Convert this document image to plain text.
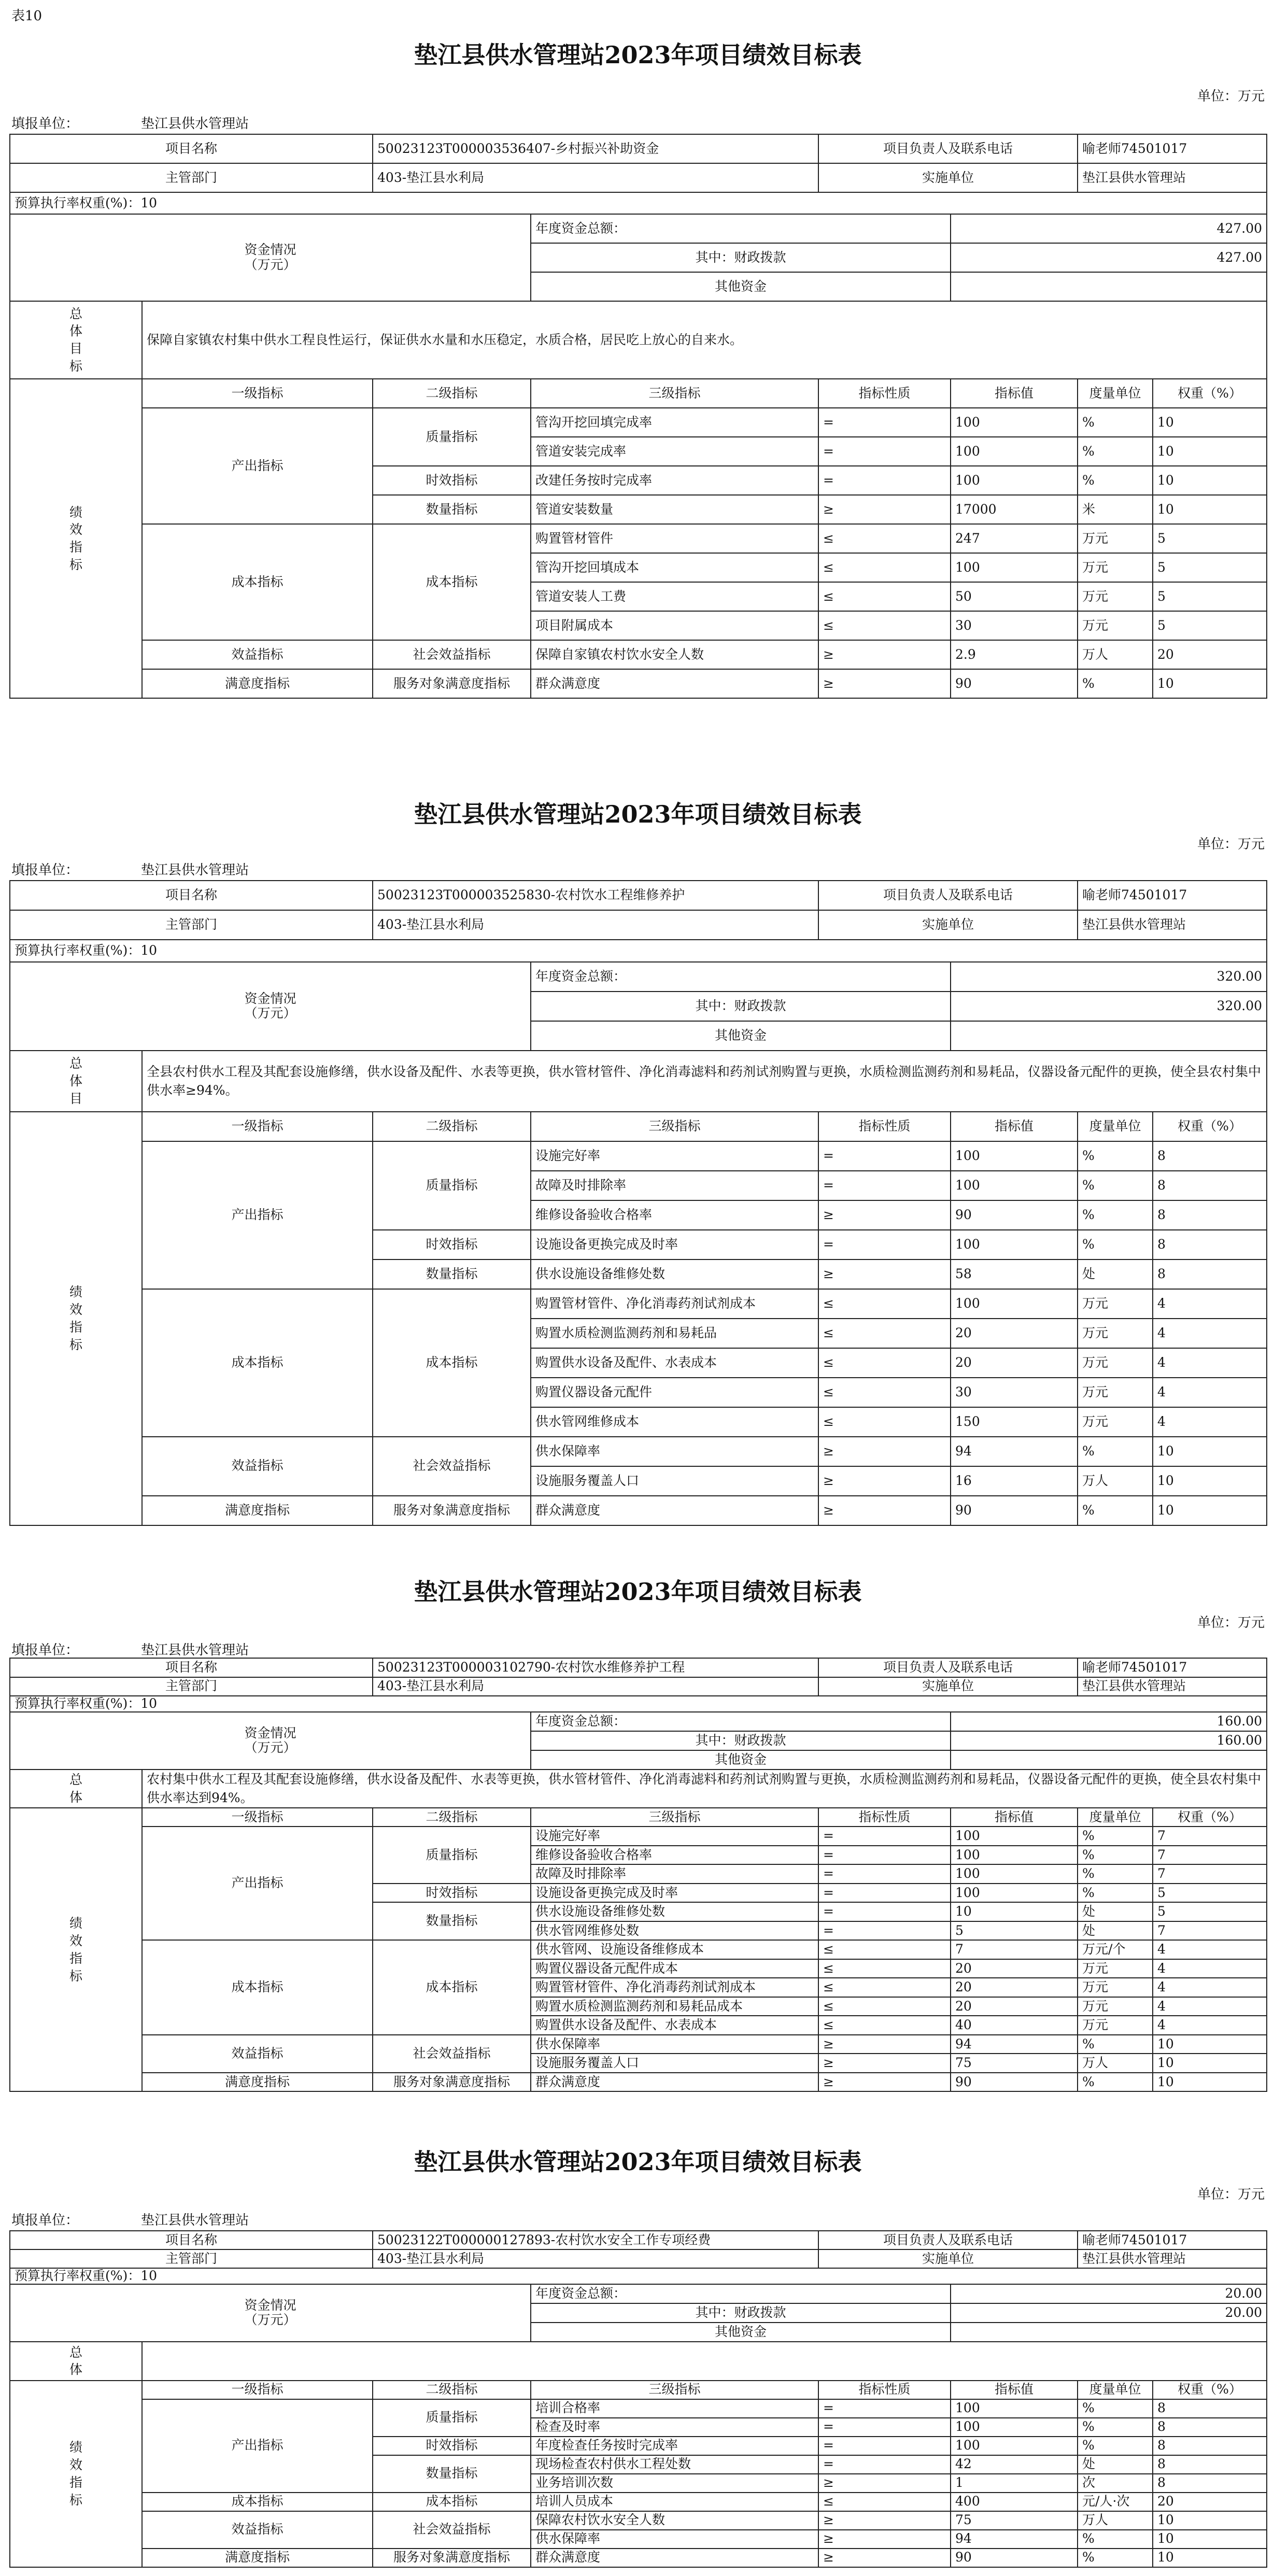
表10
垫江县供水管理站2023年项目绩效目标表
单位：万元
填报单位：	垫江县供水管理站
项目名称		50023123T000003536407-乡村振兴补助资金		项目负责人及联系电话		喻老师74501017	
主管部门		403-垫江县水利局		实施单位		垫江县供水管理站	
预算执行率权重(%)：10							
资金情况
（万元）			年度资金总额：		427.00		
			其中：财政拨款		427.00		
			其他资金				
总
体
目
标	保障自家镇农村集中供水工程良性运行，保证供水水量和水压稳定，水质合格，居民吃上放心的自来水。						
绩
效
指
标	一级指标	二级指标	三级指标	指标性质	指标值	度量单位	权重（%）
	产出指标	质量指标	管沟开挖回填完成率	=	100	%	10
			管道安装完成率	=	100	%	10
		时效指标	改建任务按时完成率	=	100	%	10
		数量指标	管道安装数量	≥	17000	米	10
	成本指标	成本指标	购置管材管件	≤	247	万元	5
			管沟开挖回填成本	≤	100	万元	5
			管道安装人工费	≤	50	万元	5
			项目附属成本	≤	30	万元	5
	效益指标	社会效益指标	保障自家镇农村饮水安全人数	≥	2.9	万人	20
	满意度指标	服务对象满意度指标	群众满意度	≥	90	%	10
垫江县供水管理站2023年项目绩效目标表
单位：万元
填报单位：	垫江县供水管理站
项目名称		50023123T000003525830-农村饮水工程维修养护		项目负责人及联系电话		喻老师74501017	
主管部门		403-垫江县水利局		实施单位		垫江县供水管理站	
预算执行率权重(%)：10							
资金情况
（万元）			年度资金总额：		320.00		
			其中：财政拨款		320.00		
			其他资金				
总
体
目	全县农村供水工程及其配套设施修缮，供水设备及配件、水表等更换，供水管材管件、净化消毒滤料和药剂试剂购置与更换，水质检测监测药剂和易耗品，仪器设备元配件的更换，使全县农村集中供水率≥94%。						
绩
效
指
标	一级指标	二级指标	三级指标	指标性质	指标值	度量单位	权重（%）
	产出指标	质量指标	设施完好率	=	100	%	8
			故障及时排除率	=	100	%	8
			维修设备验收合格率	≥	90	%	8
		时效指标	设施设备更换完成及时率	=	100	%	8
		数量指标	供水设施设备维修处数	≥	58	处	8
	成本指标	成本指标	购置管材管件、净化消毒药剂试剂成本	≤	100	万元	4
			购置水质检测监测药剂和易耗品	≤	20	万元	4
			购置供水设备及配件、水表成本	≤	20	万元	4
			购置仪器设备元配件	≤	30	万元	4
			供水管网维修成本	≤	150	万元	4
	效益指标	社会效益指标	供水保障率	≥	94	%	10
			设施服务覆盖人口	≥	16	万人	10
	满意度指标	服务对象满意度指标	群众满意度	≥	90	%	10
垫江县供水管理站2023年项目绩效目标表
单位：万元
填报单位：	垫江县供水管理站
项目名称		50023123T000003102790-农村饮水维修养护工程		项目负责人及联系电话		喻老师74501017	
主管部门		403-垫江县水利局		实施单位		垫江县供水管理站	
预算执行率权重(%)：10							
资金情况
（万元）			年度资金总额：		160.00		
			其中：财政拨款		160.00		
			其他资金				
总
体	农村集中供水工程及其配套设施修缮，供水设备及配件、水表等更换，供水管材管件、净化消毒滤料和药剂试剂购置与更换，水质检测监测药剂和易耗品，仪器设备元配件的更换，使全县农村集中供水率达到94%。						
绩
效
指
标	一级指标	二级指标	三级指标	指标性质	指标值	度量单位	权重（%）
	产出指标	质量指标	设施完好率	=	100	%	7
			维修设备验收合格率	=	100	%	7
			故障及时排除率	=	100	%	7
		时效指标	设施设备更换完成及时率	=	100	%	5
		数量指标	供水设施设备维修处数	=	10	处	5
			供水管网维修处数	=	5	处	7
	成本指标	成本指标	供水管网、设施设备维修成本	≤	7	万元/个	4
			购置仪器设备元配件成本	≤	20	万元	4
			购置管材管件、净化消毒药剂试剂成本	≤	20	万元	4
			购置水质检测监测药剂和易耗品成本	≤	20	万元	4
			购置供水设备及配件、水表成本	≤	40	万元	4
	效益指标	社会效益指标	供水保障率	≥	94	%	10
			设施服务覆盖人口	≥	75	万人	10
	满意度指标	服务对象满意度指标	群众满意度	≥	90	%	10
垫江县供水管理站2023年项目绩效目标表
单位：万元
填报单位：	垫江县供水管理站
项目名称		50023122T000000127893-农村饮水安全工作专项经费		项目负责人及联系电话		喻老师74501017	
主管部门		403-垫江县水利局		实施单位		垫江县供水管理站	
预算执行率权重(%)：10							
资金情况
（万元）			年度资金总额：		20.00		
			其中：财政拨款		20.00		
			其他资金				
总
体							
绩
效
指
标	一级指标	二级指标	三级指标	指标性质	指标值	度量单位	权重（%）
	产出指标	质量指标	培训合格率	=	100	%	8
			检查及时率	=	100	%	8
		时效指标	年度检查任务按时完成率	=	100	%	8
		数量指标	现场检查农村供水工程处数	=	42	处	8
			业务培训次数	≥	1	次	8
	成本指标	成本指标	培训人员成本	≤	400	元/人·次	20
	效益指标	社会效益指标	保障农村饮水安全人数	≥	75	万人	10
			供水保障率	≥	94	%	10
	满意度指标	服务对象满意度指标	群众满意度	≥	90	%	10
